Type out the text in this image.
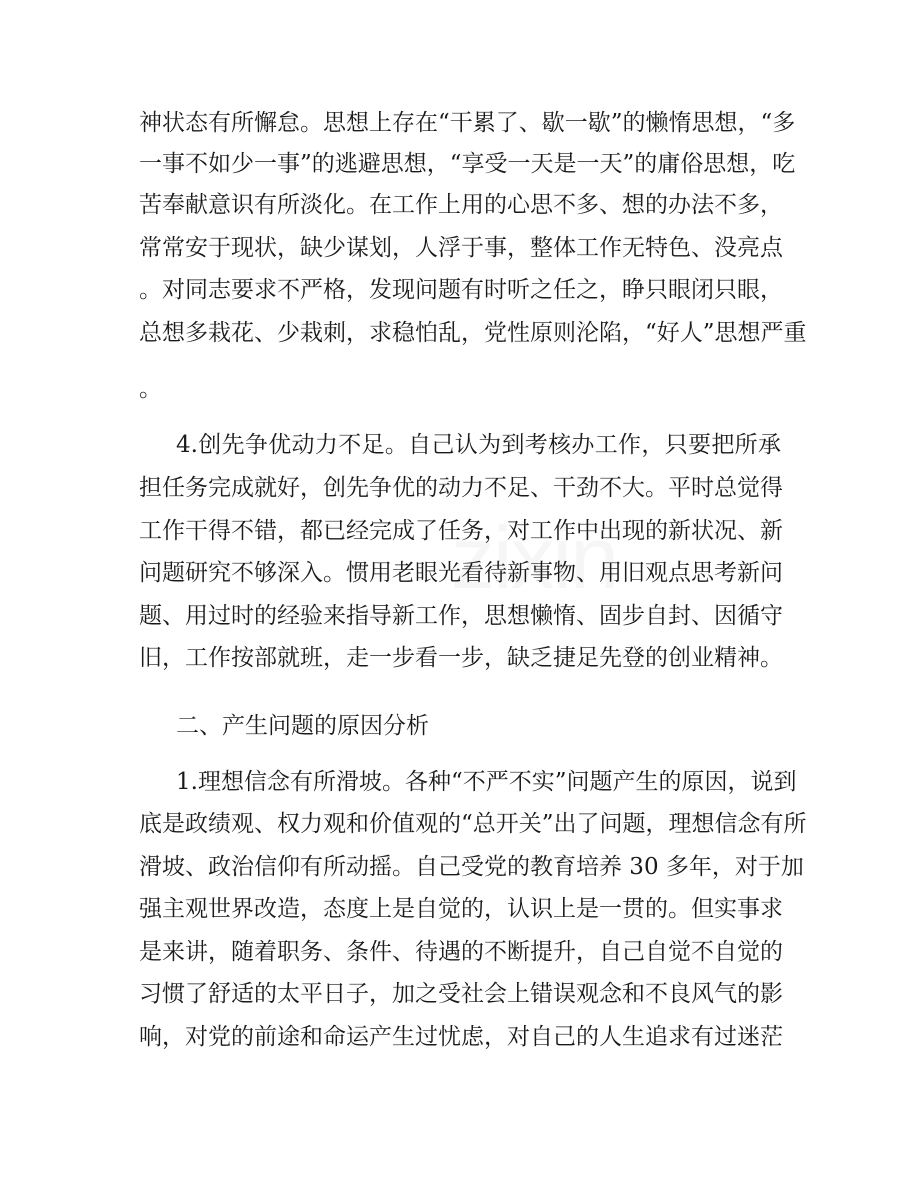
zixin

神状态有所懈怠。思想上存在“干累了、歇一歇”的懒惰思想，“多

一事不如少一事”的逃避思想，“享受一天是一天”的庸俗思想，吃

苦奉献意识有所淡化。在工作上用的心思不多、想的办法不多，

常常安于现状，缺少谋划，人浮于事，整体工作无特色、没亮点

。对同志要求不严格，发现问题有时听之任之，睁只眼闭只眼，

总想多栽花、少栽刺，求稳怕乱，党性原则沦陷，“好人”思想严重

。

4.创先争优动力不足。自己认为到考核办工作，只要把所承

担任务完成就好，创先争优的动力不足、干劲不大。平时总觉得

工作干得不错，都已经完成了任务，对工作中出现的新状况、新

问题研究不够深入。惯用老眼光看待新事物、用旧观点思考新问

题、用过时的经验来指导新工作，思想懒惰、固步自封、因循守

旧，工作按部就班，走一步看一步，缺乏捷足先登的创业精神。

二、产生问题的原因分析

1.理想信念有所滑坡。各种“不严不实”问题产生的原因，说到

底是政绩观、权力观和价值观的“总开关”出了问题，理想信念有所

滑坡、政治信仰有所动摇。自己受党的教育培养 30 多年，对于加

强主观世界改造，态度上是自觉的，认识上是一贯的。但实事求

是来讲，随着职务、条件、待遇的不断提升，自己自觉不自觉的

习惯了舒适的太平日子，加之受社会上错误观念和不良风气的影

响，对党的前途和命运产生过忧虑，对自己的人生追求有过迷茫
